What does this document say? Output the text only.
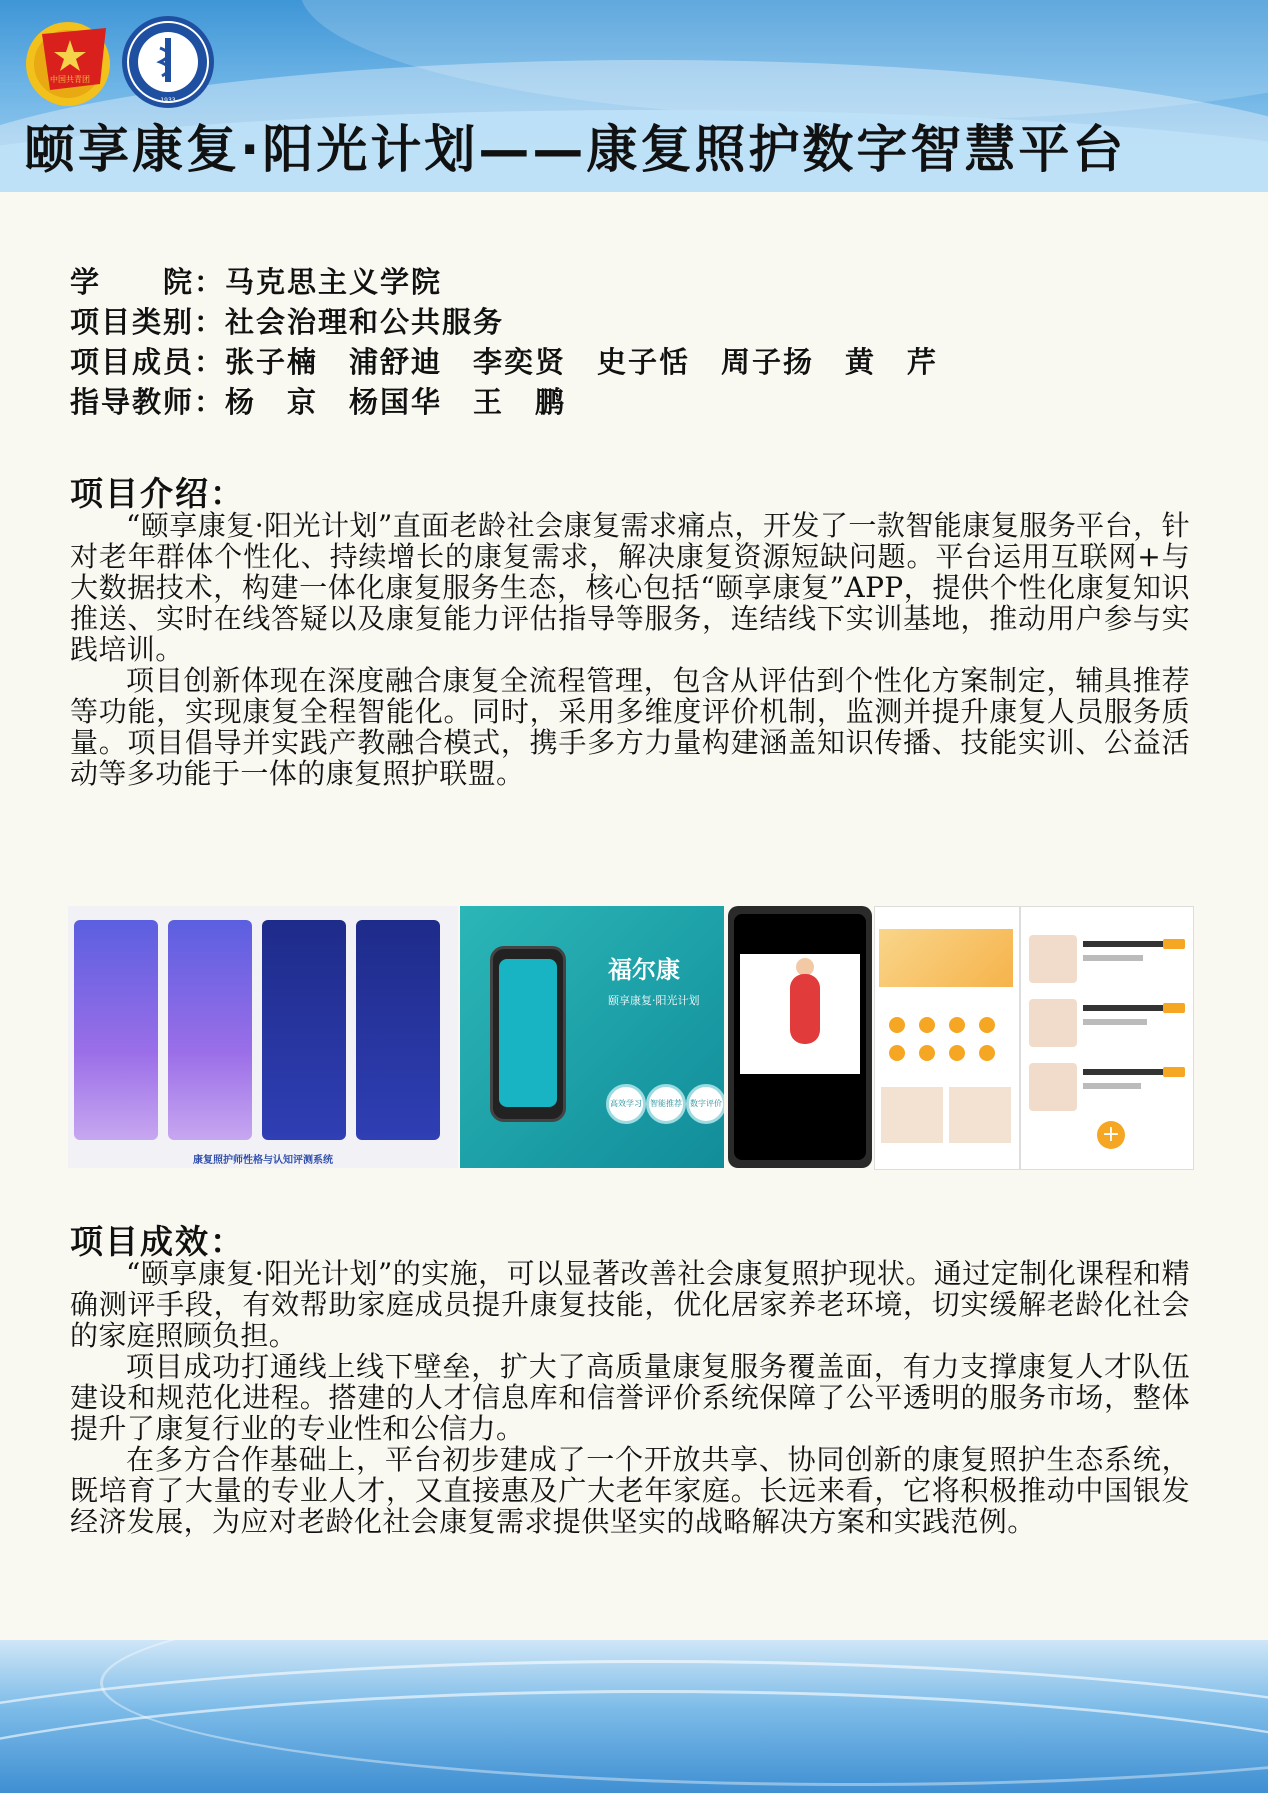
中国共青团
1933
颐享康复·阳光计划——康复照护数字智慧平台
学　　院：马克思主义学院
项目类别：社会治理和公共服务
项目成员：张子楠　浦舒迪　李奕贤　史子恬　周子扬　黄　芹
指导教师：杨　京　杨国华　王　鹏
项目介绍：

“颐享康复·阳光计划”直面老龄社会康复需求痛点，开发了一款智能康复服务平台，针对老年群体个性化、持续增长的康复需求，解决康复资源短缺问题。平台运用互联网+与大数据技术，构建一体化康复服务生态，核心包括“颐享康复”APP，提供个性化康复知识推送、实时在线答疑以及康复能力评估指导等服务，连结线下实训基地，推动用户参与实践培训。

项目创新体现在深度融合康复全流程管理，包含从评估到个性化方案制定，辅具推荐等功能，实现康复全程智能化。同时，采用多维度评价机制，监测并提升康复人员服务质量。项目倡导并实践产教融合模式，携手多方力量构建涵盖知识传播、技能实训、公益活动等多功能于一体的康复照护联盟。

康复照护师性格与认知评测系统
福尔康
颐享康复·阳光计划
高效学习	智能推荐	数字评价
+
项目成效：

“颐享康复·阳光计划”的实施，可以显著改善社会康复照护现状。通过定制化课程和精确测评手段，有效帮助家庭成员提升康复技能，优化居家养老环境，切实缓解老龄化社会的家庭照顾负担。

项目成功打通线上线下壁垒，扩大了高质量康复服务覆盖面，有力支撑康复人才队伍建设和规范化进程。搭建的人才信息库和信誉评价系统保障了公平透明的服务市场，整体提升了康复行业的专业性和公信力。

在多方合作基础上，平台初步建成了一个开放共享、协同创新的康复照护生态系统，既培育了大量的专业人才，又直接惠及广大老年家庭。长远来看，它将积极推动中国银发经济发展，为应对老龄化社会康复需求提供坚实的战略解决方案和实践范例。
